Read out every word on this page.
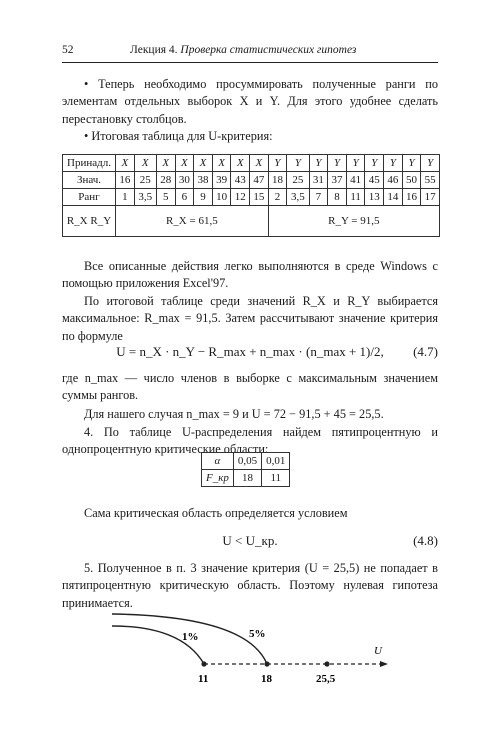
52	Лекция 4. Проверка статистических гипотез

• Теперь необходимо просуммировать полученные ранги по элементам отдельных выборок X и Y. Для этого удобнее сделать перестановку столбцов.

• Итоговая таблица для U-критерия:

Принадл.	X	X	X	X	X	X	X	X	Y	Y	Y	Y	Y	Y	Y	Y	Y
Знач.	16	25	28	30	38	39	43	47	18	25	31	37	41	45	46	50	55
Ранг	1	3,5	5	6	9	10	12	15	2	3,5	7	8	11	13	14	16	17
R_X R_Y	R_X = 61,5								R_Y = 91,5								

Все описанные действия легко выполняются в среде Windows с помощью приложения Excel'97.

По итоговой таблице среди значений R_X и R_Y выбирается максимальное: R_max = 91,5. Затем рассчитывают значение критерия по формуле

U = n_X · n_Y − R_max + n_max · (n_max + 1)/2,	(4.7)

где n_max — число членов в выборке с максимальным значением суммы рангов.

Для нашего случая n_max = 9 и U = 72 − 91,5 + 45 = 25,5.

4. По таблице U-распределения найдем пятипроцентную и однопроцентную критические области:

α	0,05	0,01
F_кр	18	11

Сама критическая область определяется условием

U < U_кр.	(4.8)

5. Полученное в п. 3 значение критерия (U = 25,5) не попадает в пятипроцентную критическую область. Поэтому нулевая гипотеза принимается.

1%	5%
U
11	18	25,5
